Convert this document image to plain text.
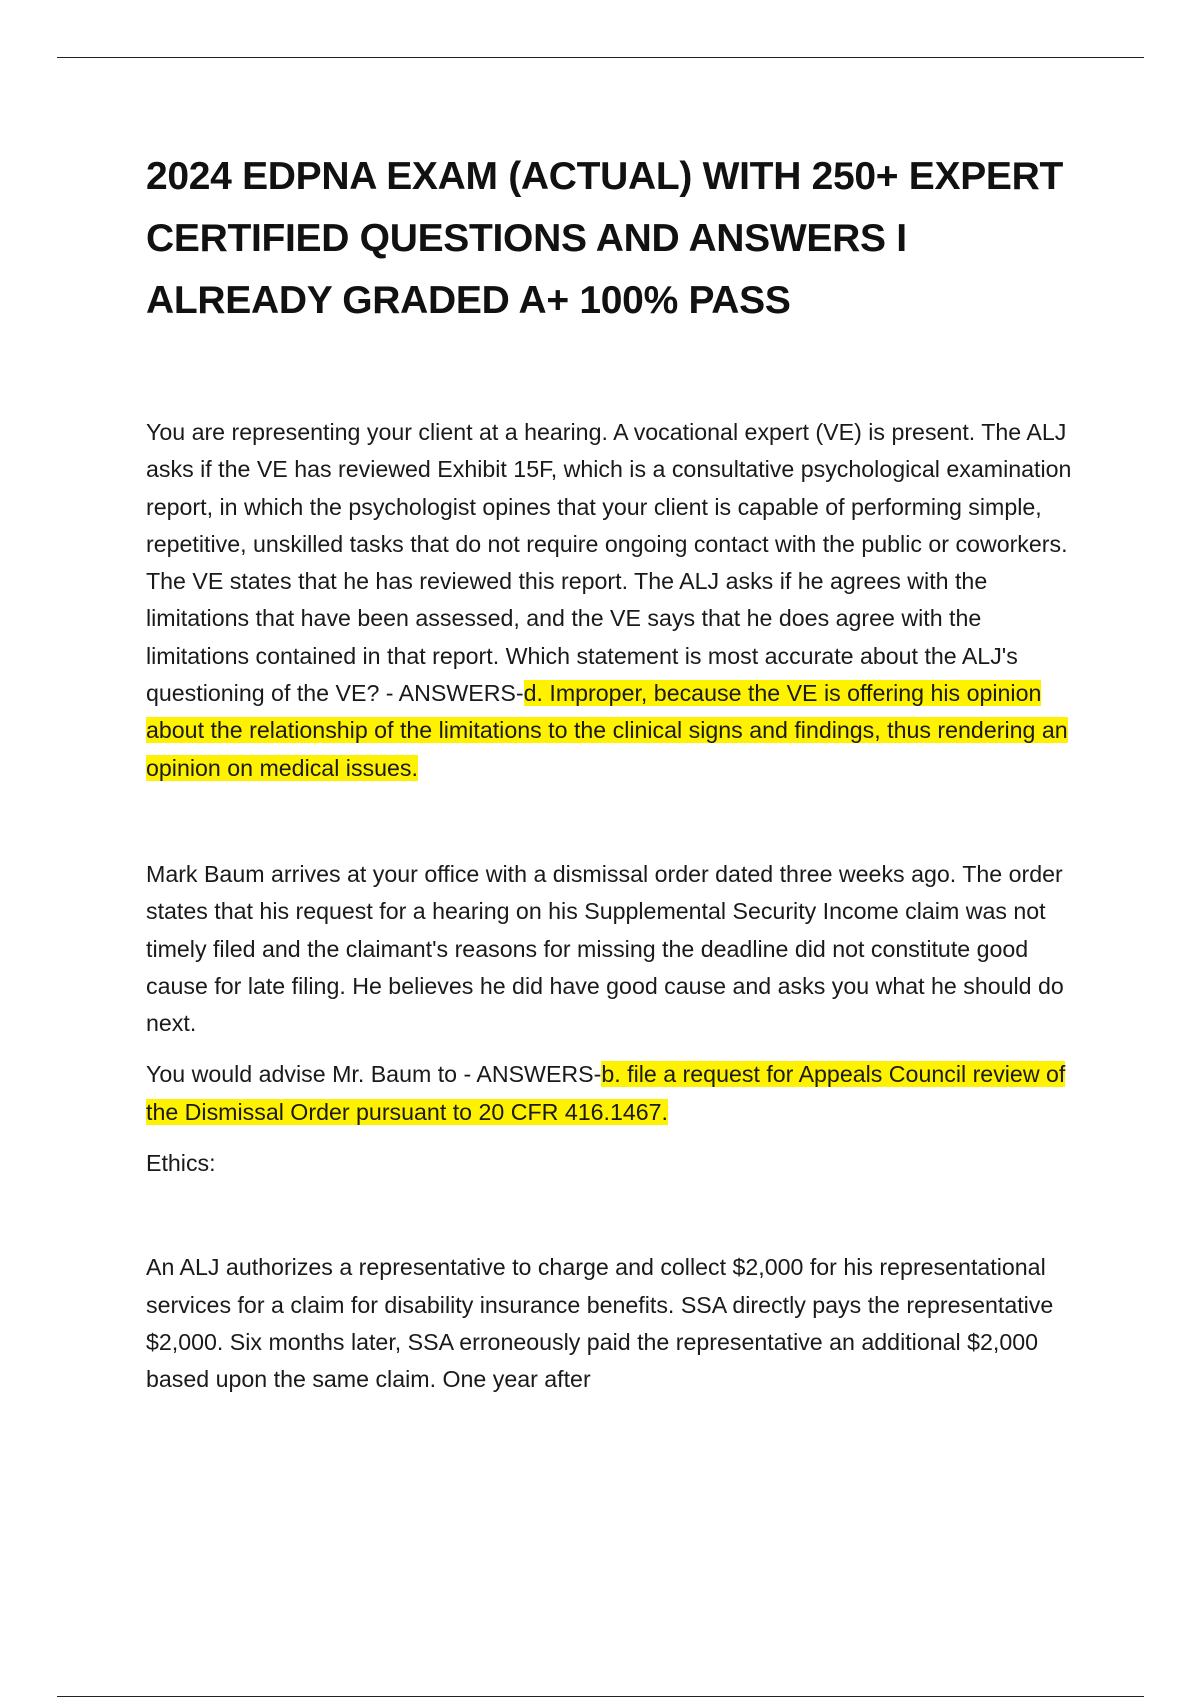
2024 EDPNA EXAM (ACTUAL) WITH 250+ EXPERT CERTIFIED QUESTIONS AND ANSWERS I ALREADY GRADED A+ 100% PASS

You are representing your client at a hearing. A vocational expert (VE) is present. The ALJ asks if the VE has reviewed Exhibit 15F, which is a consultative psychological examination report, in which the psychologist opines that your client is capable of performing simple, repetitive, unskilled tasks that do not require ongoing contact with the public or coworkers. The VE states that he has reviewed this report. The ALJ asks if he agrees with the limitations that have been assessed, and the VE says that he does agree with the limitations contained in that report. Which statement is most accurate about the ALJ's questioning of the VE? - ANSWERS-d. Improper, because the VE is offering his opinion about the relationship of the limitations to the clinical signs and findings, thus rendering an opinion on medical issues.

Mark Baum arrives at your office with a dismissal order dated three weeks ago. The order states that his request for a hearing on his Supplemental Security Income claim was not timely filed and the claimant's reasons for missing the deadline did not constitute good cause for late filing. He believes he did have good cause and asks you what he should do next.

You would advise Mr. Baum to - ANSWERS-b. file a request for Appeals Council review of the Dismissal Order pursuant to 20 CFR 416.1467.

Ethics:

An ALJ authorizes a representative to charge and collect $2,000 for his representational services for a claim for disability insurance benefits. SSA directly pays the representative $2,000. Six months later, SSA erroneously paid the representative an additional $2,000 based upon the same claim. One year after
